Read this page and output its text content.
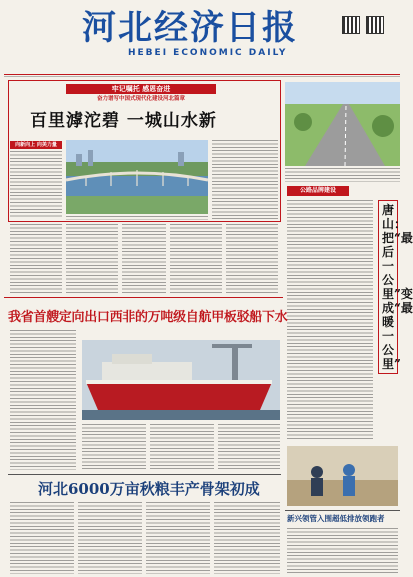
河北经济日报
HEBEI ECONOMIC DAILY
牢记嘱托 感恩奋进
奋力谱写中国式现代化建设河北篇章
百里滹沱碧 一城山水新
向新向上 向美力量
公路品牌建设
唐山：把“最后一公里”变成“最暖一公里”
我省首艘定向出口西非的万吨级自航甲板驳船下水
新兴领管入围超低排放领跑者
河北6000万亩秋粮丰产骨架初成
